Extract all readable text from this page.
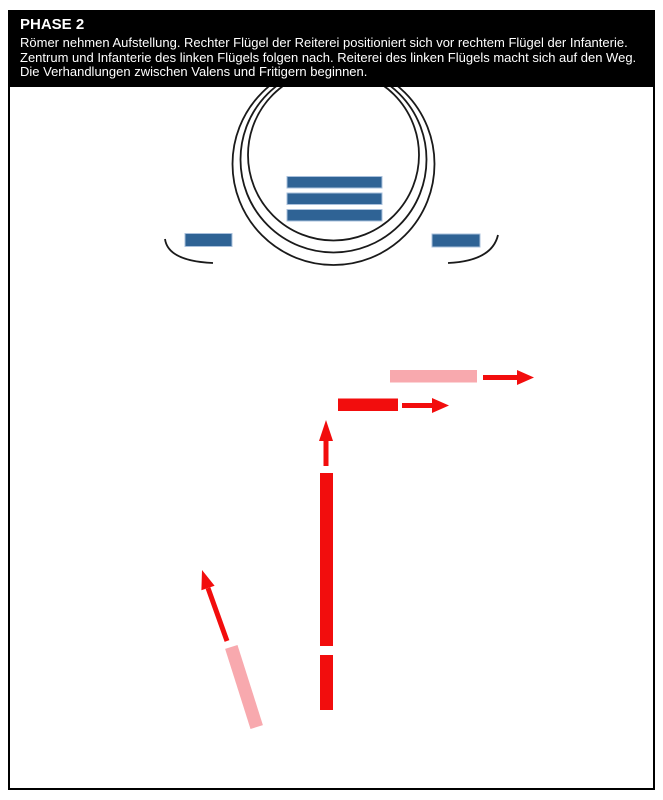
PHASE 2

Römer nehmen Aufstellung. Rechter Flügel der Reiterei positioniert sich vor rechtem Flügel der Infanterie. Zentrum und Infanterie des linken Flügels folgen nach. Reiterei des linken Flügels macht sich auf den Weg. Die Verhandlungen zwischen Valens und Fritigern beginnen.
